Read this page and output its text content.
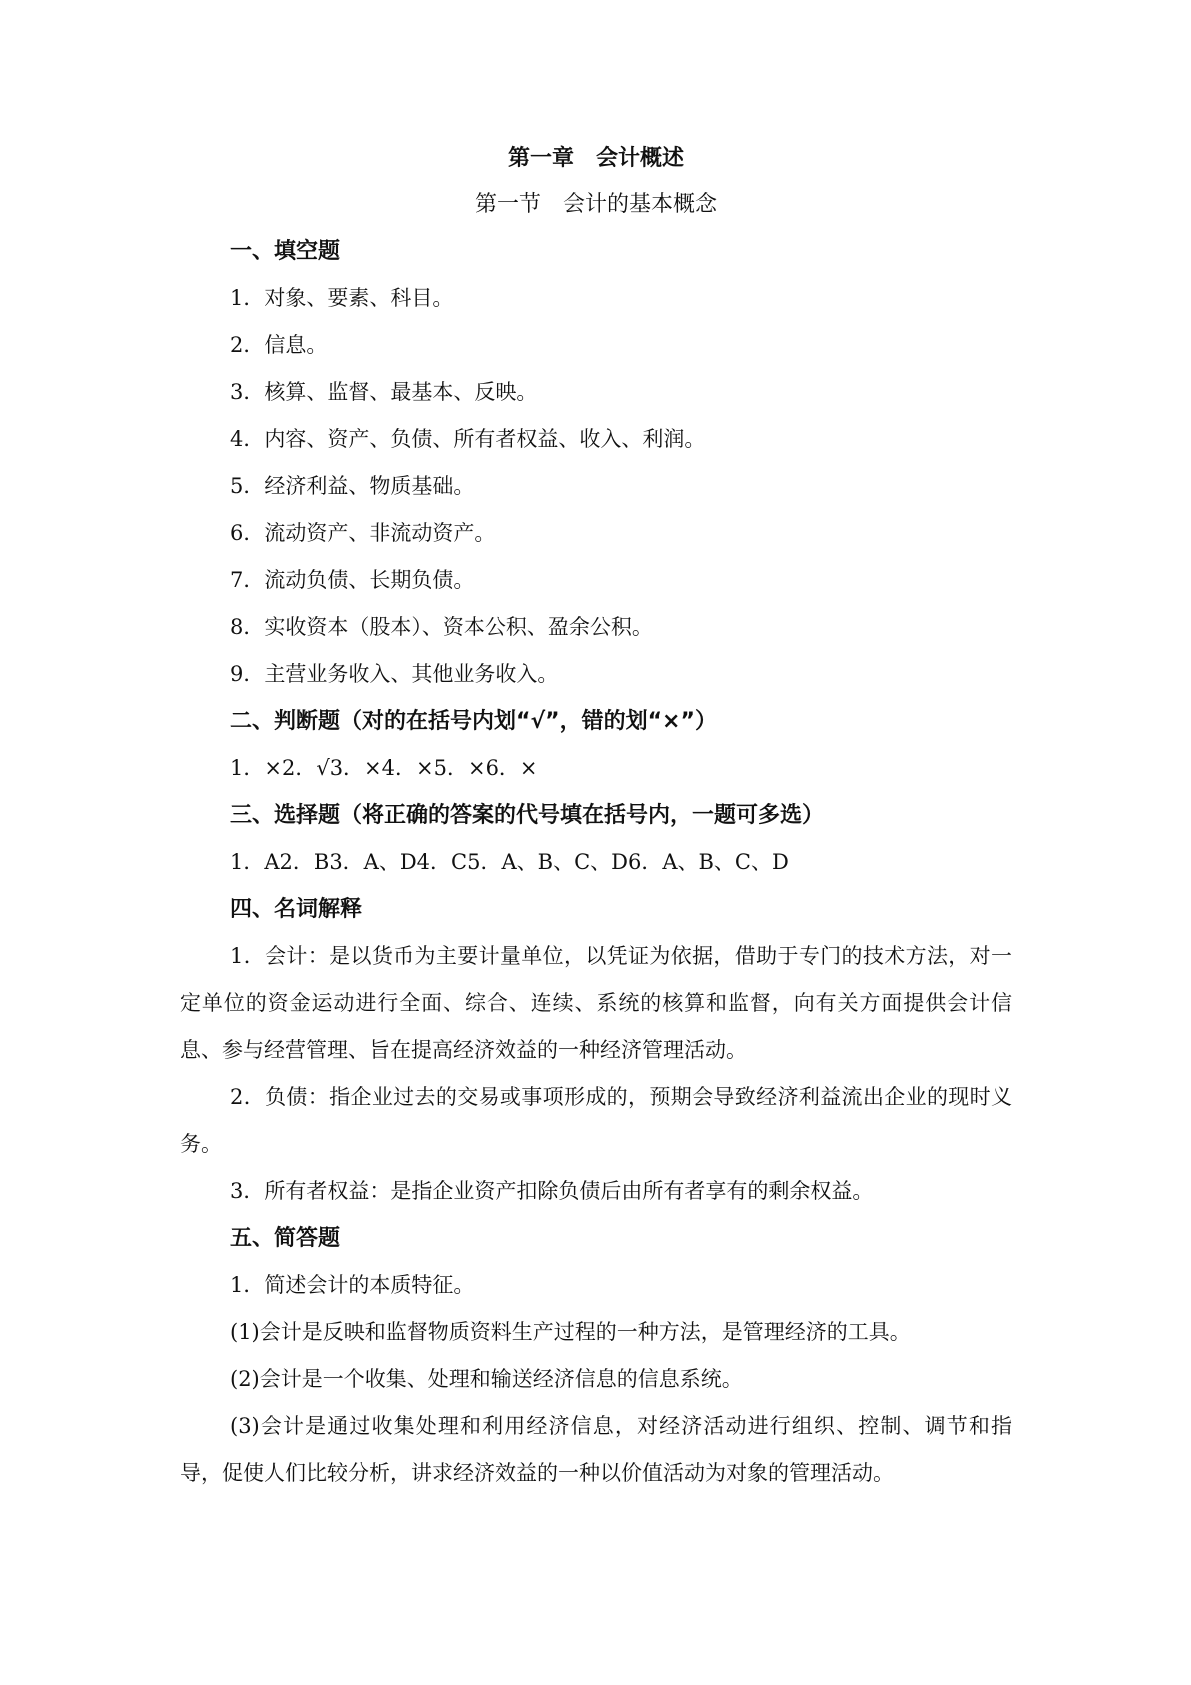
第一章　会计概述
第一节　会计的基本概念
一、填空题
1．对象、要素、科目。
2．信息。
3．核算、监督、最基本、反映。
4．内容、资产、负债、所有者权益、收入、利润。
5．经济利益、物质基础。
6．流动资产、非流动资产。
7．流动负债、长期负债。
8．实收资本（股本）、资本公积、盈余公积。
9．主营业务收入、其他业务收入。
二、判断题（对的在括号内划“√”，错的划“×”）
1．×2．√3．×4．×5．×6．×
三、选择题（将正确的答案的代号填在括号内，一题可多选）
1．A2．B3．A、D4．C5．A、B、C、D6．A、B、C、D
四、名词解释
1．会计：是以货币为主要计量单位，以凭证为依据，借助于专门的技术方法，对一定单位的资金运动进行全面、综合、连续、系统的核算和监督，向有关方面提供会计信息、参与经营管理、旨在提高经济效益的一种经济管理活动。
2．负债：指企业过去的交易或事项形成的，预期会导致经济利益流出企业的现时义务。
3．所有者权益：是指企业资产扣除负债后由所有者享有的剩余权益。
五、简答题
1．简述会计的本质特征。
(1)会计是反映和监督物质资料生产过程的一种方法，是管理经济的工具。
(2)会计是一个收集、处理和输送经济信息的信息系统。
(3)会计是通过收集处理和利用经济信息，对经济活动进行组织、控制、调节和指导，促使人们比较分析，讲求经济效益的一种以价值活动为对象的管理活动。
